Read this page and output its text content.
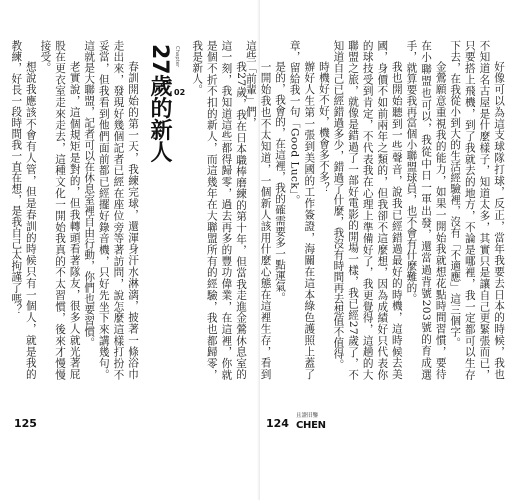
我27歲，我在日本職棒磨練的第十年，但當我走進金鶯休息室的這一刻，我知道這些都得歸零，過去再多的豐功偉業，在這裡，你就是個不折不扣的新人，而這幾年在大聯盟所有的經驗，我也都歸零，我是新人。

27歲的新人 Chapter
02

春訓開始的第一天，我練完球，還渾身汗水淋漓，披著一條浴巾走出來，發現好幾個記者已經在座位旁等著訪問，說怎麼這樣打扮不妥當，但我看到他們面前都已經擺好錄音機，只好先坐下來講幾句。這就是大聯盟，記者可以在休息室裡自由行動，你們也要習慣。

老實說，這個規矩是對的，但我轉頭看著隊友，很多人就光著屁股在更衣室走來走去，這種文化一開始我真的不太習慣，後來才慢慢接受。

想說我應該不會有人管，但是春訓的時候只有一個人，就是我的教練，好長一段時間我一直在想，是我自己太拘謹了嗎？

125

好像可以為這支球隊打球，反正，當年我要去日本的時候，我也不知道名古屋是什麼樣子，知道太多，其實只是讓自己更緊張而已，只要搭上飛機，到了我就去的地方，不論是哪裡，我一定都可以生存下去，在我從小到大的生活經驗裡，沒有「不適應」這三個字。

金鶯願意重視我的能力，如果一開始我就想花點時間習慣，要待在小聯盟也可以，我從中日一軍出發，還當過背號203號的育成選手，就算要我再當個小聯盟球員，也不會有什麼難的。

我也開始聽到一些聲音，說我已經錯過最好的時機，這時候去美國，身價不如前兩年之類的，但我卻不這麼想，因為成績好只代表你的球技受到肯定，不代表我在心理上準備好了，我更覺得，這趟的大聯盟之旅，就像是錯過了一部好電影的開場一樣，我已經27歲了，不知道自己已經錯過多少，錯過了什麼，我沒有時間再去想值不值得。

時機好不好，機會多不多？

辦好人生第一張到美國的工作簽證，海關在這本綠色護照上蓋了章，留給我一句「Good Luck」。

是的，我會的，在這裡，我的確需要多一點運氣。

一開始我也不太知道，一個新人該用什麼心態在這裡生存，看到這些「前輩」們，

124
且證旧鑒
CHEN
